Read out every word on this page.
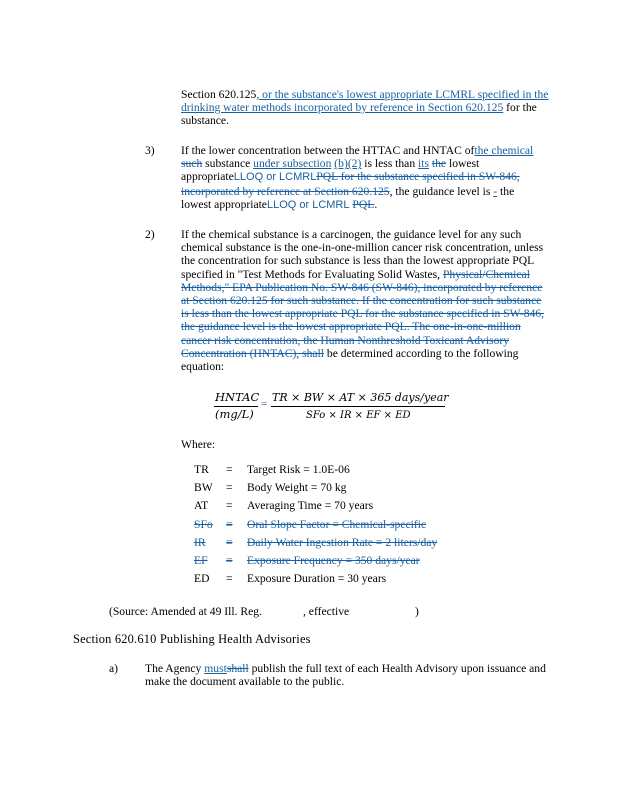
Section 620.125, or the substance's lowest appropriate LCMRL specified in the drinking water methods incorporated by reference in Section 620.125 for the substance.
3) If the lower concentration between the HTTAC and HNTAC ofthe chemical such substance under subsection (b)(2) is less than its the lowest appropriateLLOQ or LCMRLPQL for the substance specified in SW-846, incorporated by reference at Section 620.125, the guidance level is - the lowest appropriateLLOQ or LCMRL PQL.
2) If the chemical substance is a carcinogen, the guidance level for any such chemical substance is the one-in-one-million cancer risk concentration, unless the concentration for such substance is less than the lowest appropriate PQL specified in "Test Methods for Evaluating Solid Wastes, Physical/Chemical Methods," EPA Publication No. SW-846 (SW-846), incorporated by reference at Section 620.125 for such substance. If the concentration for such substance is less than the lowest appropriate PQL for the substance specified in SW-846, the guidance level is the lowest appropriate PQL. The one-in-one-million cancer risk concentration, the Human Nonthreshold Toxicant Advisory Concentration (HNTAC), shall be determined according to the following equation:
HNTAC
(mg/L)
= TR × BW × AT × 365 days/year
SFo × IR × EF × ED
Where:
TR = Target Risk = 1.0E-06
BW = Body Weight = 70 kg
AT = Averaging Time = 70 years
SFo = Oral Slope Factor = Chemical-specific
IR = Daily Water Ingestion Rate = 2 liters/day
EF = Exposure Frequency = 350 days/year
ED = Exposure Duration = 30 years
(Source: Amended at 49 Ill. Reg.	, effective	)
Section 620.610 Publishing Health Advisories
a) The Agency mustshall publish the full text of each Health Advisory upon issuance and make the document available to the public.
